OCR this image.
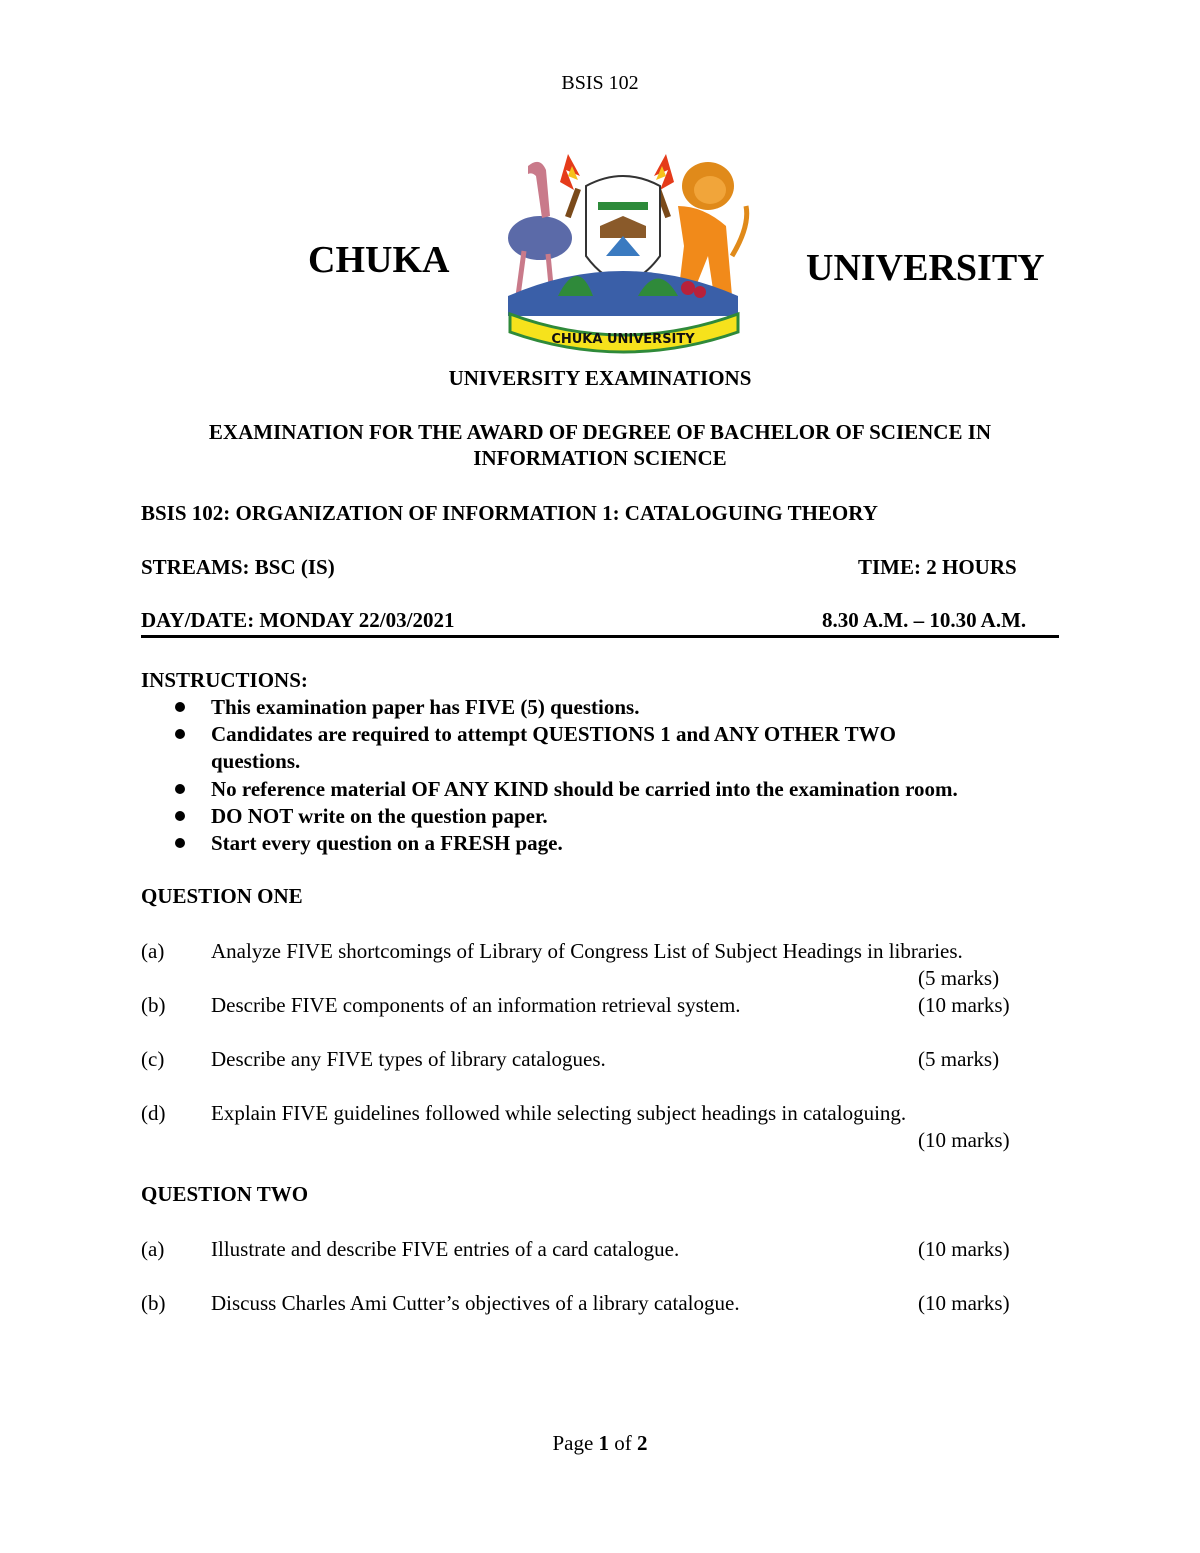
BSIS 102
CHUKA
CHUKA UNIVERSITY
UNIVERSITY
UNIVERSITY EXAMINATIONS
EXAMINATION FOR THE AWARD OF DEGREE OF BACHELOR OF SCIENCE IN
INFORMATION SCIENCE
BSIS 102: ORGANIZATION OF INFORMATION 1: CATALOGUING THEORY
STREAMS: BSC (IS)	TIME: 2 HOURS
DAY/DATE: MONDAY 22/03/2021	8.30 A.M. – 10.30 A.M.
INSTRUCTIONS:
This examination paper has FIVE (5) questions.
Candidates are required to attempt QUESTIONS 1 and ANY OTHER TWO
questions.
No reference material OF ANY KIND should be carried into the examination room.
DO NOT write on the question paper.
Start every question on a FRESH page.
QUESTION ONE
(a) Analyze FIVE shortcomings of Library of Congress List of Subject Headings in libraries.
(5 marks)
(b) Describe FIVE components of an information retrieval system.	(10 marks)
(c) Describe any FIVE types of library catalogues.	(5 marks)
(d) Explain FIVE guidelines followed while selecting subject headings in cataloguing.
(10 marks)
QUESTION TWO
(a) Illustrate and describe FIVE entries of a card catalogue.	(10 marks)
(b) Discuss Charles Ami Cutter’s objectives of a library catalogue.	(10 marks)
Page 1 of 2
